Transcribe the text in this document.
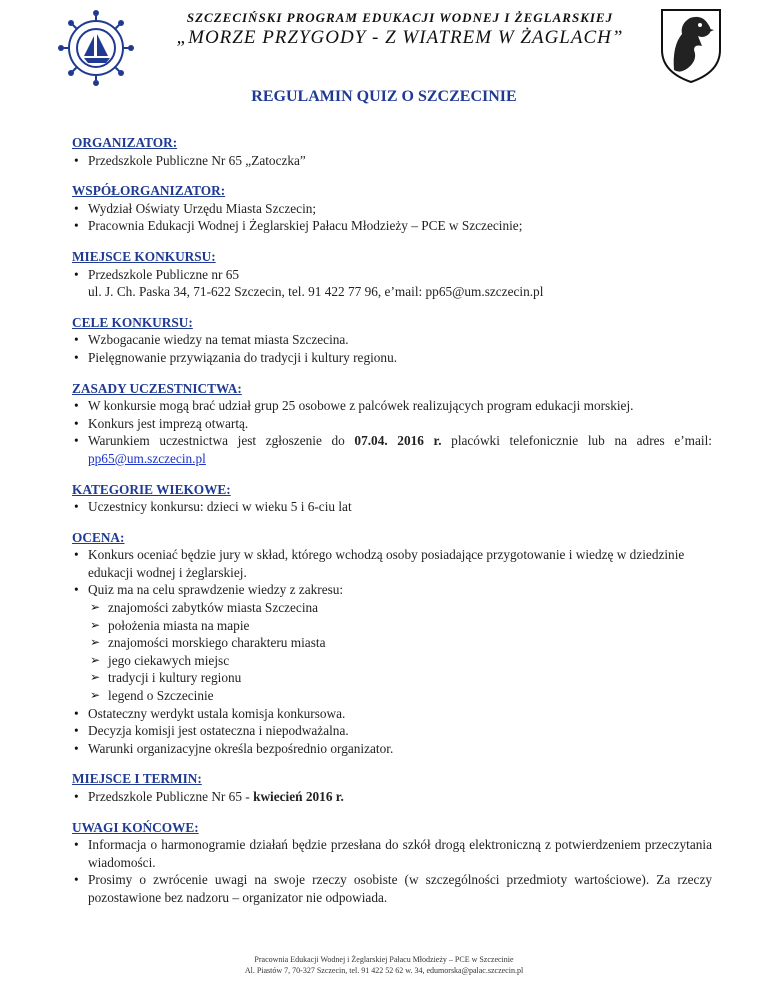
SZCZECIŃSKI PROGRAM EDUKACJI WODNEJ I ŻEGLARSKIEJ
„MORZE PRZYGODY - Z WIATREM W ŻAGLACH”
REGULAMIN QUIZ O SZCZECINIE
ORGANIZATOR:
• Przedszkole Publiczne Nr 65 „Zatoczka”
WSPÓŁORGANIZATOR:
• Wydział Oświaty Urzędu Miasta Szczecin;
• Pracownia Edukacji Wodnej i Żeglarskiej Pałacu Młodzieży – PCE w Szczecinie;
MIEJSCE KONKURSU:
• Przedszkole Publiczne nr 65
ul. J. Ch. Paska 34, 71-622 Szczecin, tel. 91 422 77 96, e’mail: pp65@um.szczecin.pl
CELE KONKURSU:
• Wzbogacanie wiedzy na temat miasta Szczecina.
• Pielęgnowanie przywiązania do tradycji i kultury regionu.
ZASADY UCZESTNICTWA:
• W konkursie mogą brać udział grup 25 osobowe z palcówek realizujących program edukacji morskiej.
• Konkurs jest imprezą otwartą.
• Warunkiem uczestnictwa jest zgłoszenie do 07.04. 2016 r. placówki telefonicznie lub na adres e’mail: pp65@um.szczecin.pl
KATEGORIE WIEKOWE:
• Uczestnicy konkursu: dzieci w wieku 5 i 6-ciu lat
OCENA:
• Konkurs oceniać będzie jury w skład, którego wchodzą osoby posiadające przygotowanie i wiedzę w dziedzinie edukacji wodnej i żeglarskiej.
• Quiz ma na celu sprawdzenie wiedzy z zakresu:
➢ znajomości zabytków miasta Szczecina
➢ położenia miasta na mapie
➢ znajomości morskiego charakteru miasta
➢ jego ciekawych miejsc
➢ tradycji i kultury regionu
➢ legend o Szczecinie
• Ostateczny werdykt ustala komisja konkursowa.
• Decyzja komisji jest ostateczna i niepodważalna.
• Warunki organizacyjne określa bezpośrednio organizator.
MIEJSCE I TERMIN:
• Przedszkole Publiczne Nr 65 - kwiecień 2016 r.
UWAGI KOŃCOWE:
• Informacja o harmonogramie działań będzie przesłana do szkół drogą elektroniczną z potwierdzeniem przeczytania wiadomości.
• Prosimy o zwrócenie uwagi na swoje rzeczy osobiste (w szczególności przedmioty wartościowe). Za rzeczy pozostawione bez nadzoru – organizator nie odpowiada.
Pracownia Edukacji Wodnej i Żeglarskiej Pałacu Młodzieży – PCE w Szczecinie
Al. Piastów 7, 70-327 Szczecin, tel. 91 422 52 62 w. 34, edumorska@palac.szczecin.pl
